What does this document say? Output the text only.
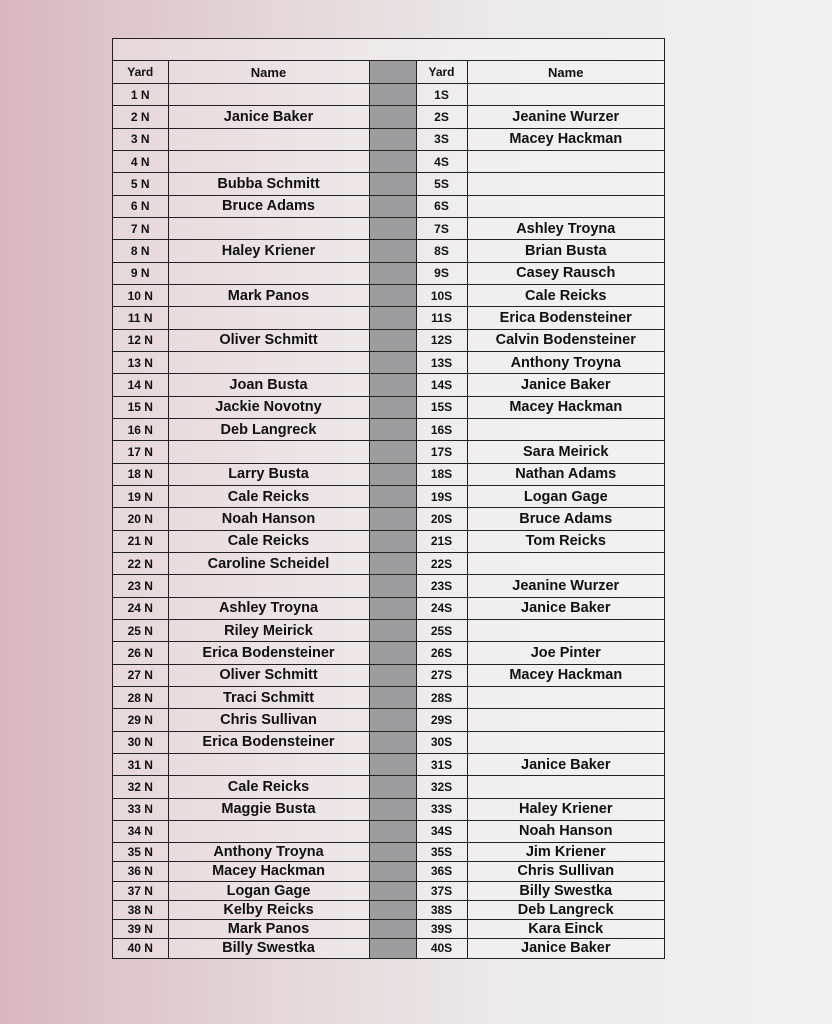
Yard	Name		Yard	Name
1 N			1S	
2 N	Janice Baker		2S	Jeanine Wurzer
3 N			3S	Macey Hackman
4 N			4S	
5 N	Bubba Schmitt		5S	
6 N	Bruce Adams		6S	
7 N			7S	Ashley Troyna
8 N	Haley Kriener		8S	Brian Busta
9 N			9S	Casey Rausch
10 N	Mark Panos		10S	Cale Reicks
11 N			11S	Erica Bodensteiner
12 N	Oliver Schmitt		12S	Calvin Bodensteiner
13 N			13S	Anthony Troyna
14 N	Joan Busta		14S	Janice Baker
15 N	Jackie Novotny		15S	Macey Hackman
16 N	Deb Langreck		16S	
17 N			17S	Sara Meirick
18 N	Larry Busta		18S	Nathan Adams
19 N	Cale Reicks		19S	Logan Gage
20 N	Noah Hanson		20S	Bruce Adams
21 N	Cale Reicks		21S	Tom Reicks
22 N	Caroline Scheidel		22S	
23 N			23S	Jeanine Wurzer
24 N	Ashley Troyna		24S	Janice Baker
25 N	Riley Meirick		25S	
26 N	Erica Bodensteiner		26S	Joe Pinter
27 N	Oliver Schmitt		27S	Macey Hackman
28 N	Traci Schmitt		28S	
29 N	Chris Sullivan		29S	
30 N	Erica Bodensteiner		30S	
31 N			31S	Janice Baker
32 N	Cale Reicks		32S	
33 N	Maggie Busta		33S	Haley Kriener
34 N			34S	Noah Hanson
35 N	Anthony Troyna		35S	Jim Kriener
36 N	Macey Hackman		36S	Chris Sullivan
37 N	Logan Gage		37S	Billy Swestka
38 N	Kelby Reicks		38S	Deb Langreck
39 N	Mark Panos		39S	Kara Einck
40 N	Billy Swestka		40S	Janice Baker
